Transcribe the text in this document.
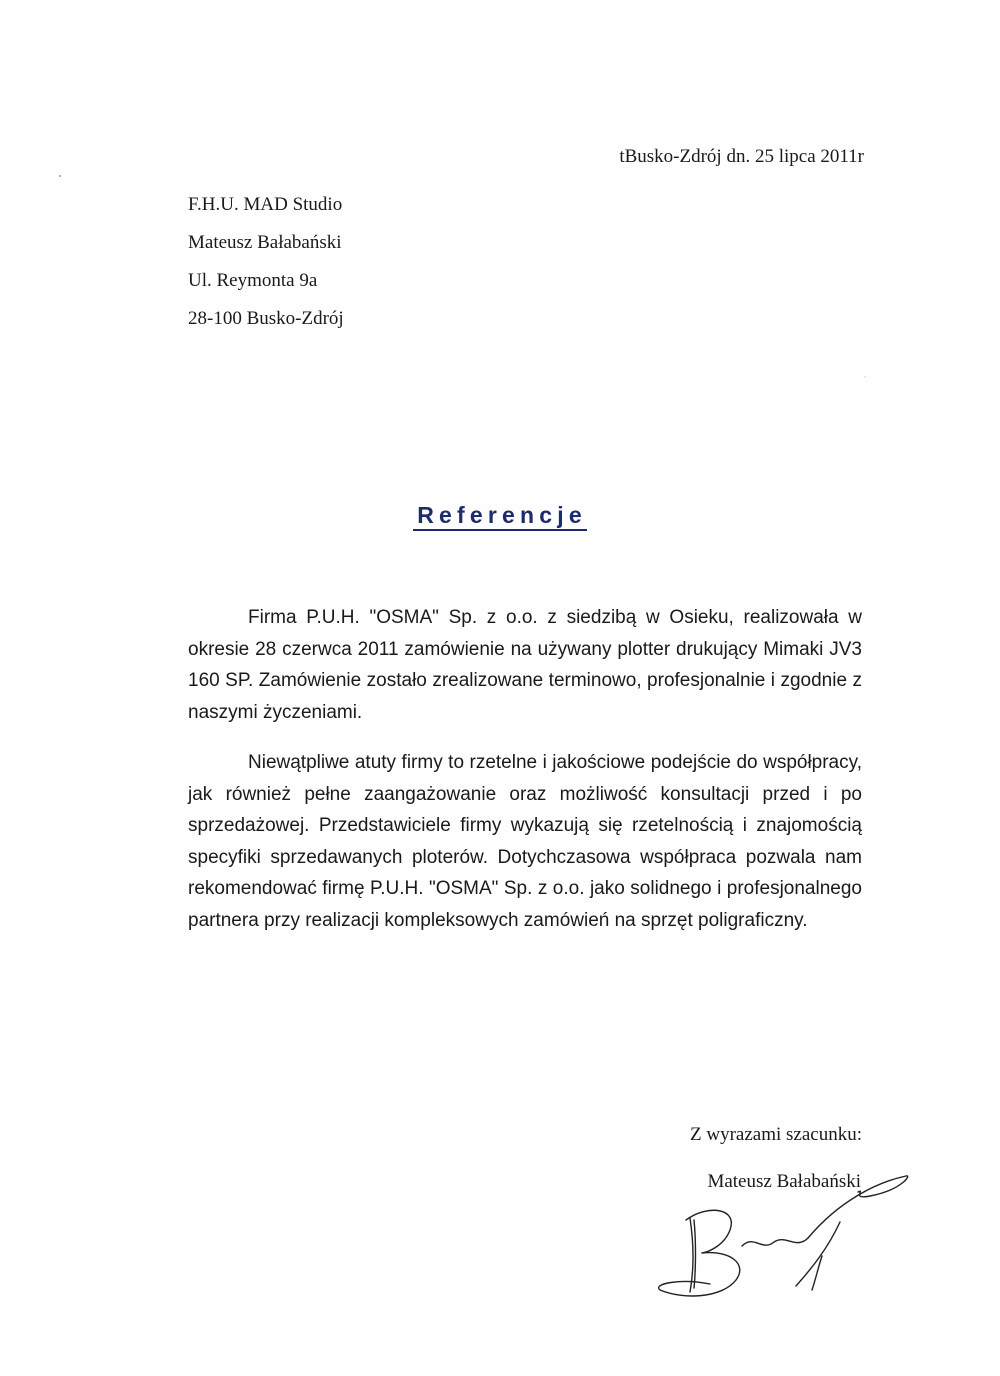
tBusko-Zdrój dn. 25 lipca 2011r
F.H.U. MAD Studio
Mateusz Bałabański
Ul. Reymonta 9a
28-100 Busko-Zdrój
Referencje

Firma P.U.H. "OSMA" Sp. z o.o. z siedzibą w Osieku, realizowała w okresie 28 czerwca 2011 zamówienie na używany plotter drukujący Mimaki JV3 160 SP. Zamówienie zostało zrealizowane terminowo, profesjonalnie i zgodnie z naszymi życzeniami.

Niewątpliwe atuty firmy to rzetelne i jakościowe podejście do współpracy, jak również pełne zaangażowanie oraz możliwość konsultacji przed i po sprzedażowej. Przedstawiciele firmy wykazują się rzetelnością i znajomością specyfiki sprzedawanych ploterów. Dotychczasowa współpraca pozwala nam rekomendować firmę P.U.H. "OSMA" Sp. z o.o. jako solidnego i profesjonalnego partnera przy realizacji kompleksowych zamówień na sprzęt poligraficzny.

Z wyrazami szacunku:
Mateusz Bałabański
